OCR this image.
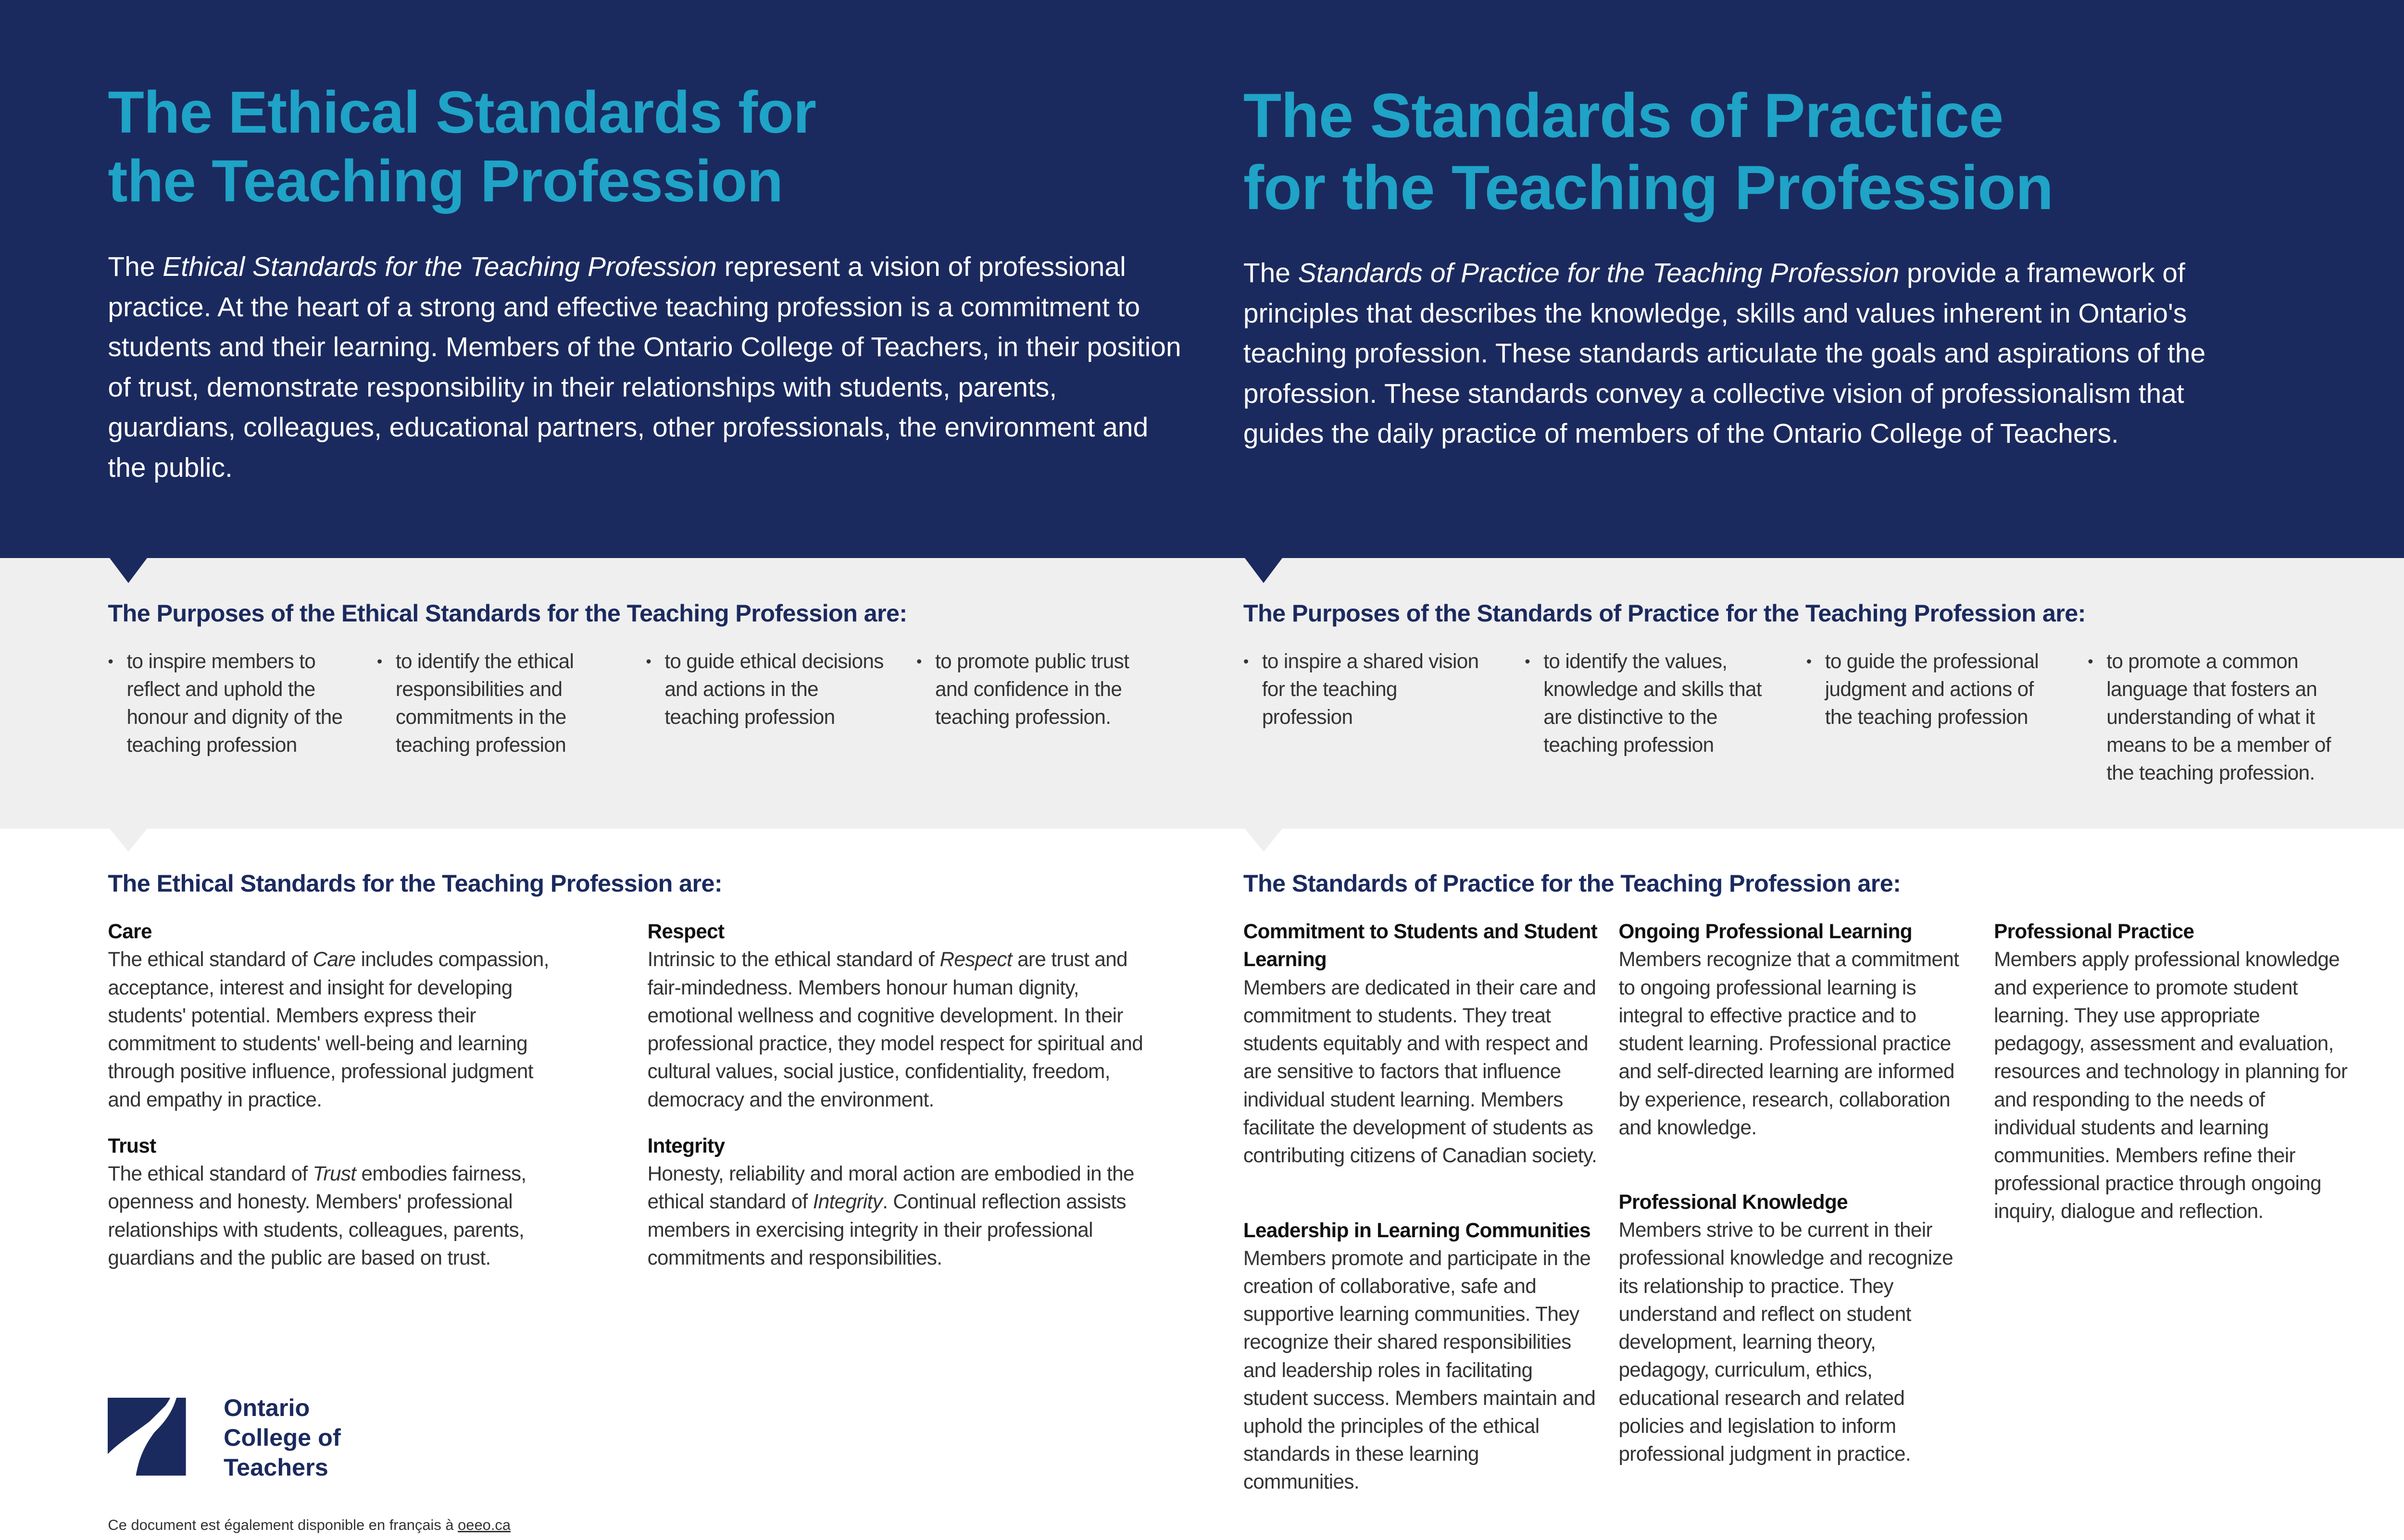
The Ethical Standards for
the Teaching Profession
The Standards of Practice
for the Teaching Profession

The Ethical Standards for the Teaching Profession represent a vision of professional practice. At the heart of a strong and effective teaching profession is a commitment to students and their learning. Members of the Ontario College of Teachers, in their position of trust, demonstrate responsibility in their relationships with students, parents, guardians, colleagues, educational partners, other professionals, the environment and the public.

The Standards of Practice for the Teaching Profession provide a framework of principles that describes the knowledge, skills and values inherent in Ontario's teaching profession. These standards articulate the goals and aspirations of the profession. These standards convey a collective vision of professionalism that guides the daily practice of members of the Ontario College of Teachers.

The Purposes of the Ethical Standards for the Teaching Profession are:	The Purposes of the Standards of Practice for the Teaching Profession are:

• to inspire members to reflect and uphold the honour and dignity of the teaching profession

• to identify the ethical responsibilities and commitments in the teaching profession

• to guide ethical decisions and actions in the teaching profession

• to promote public trust and confidence in the teaching profession.

• to inspire a shared vision for the teaching profession

• to identify the values, knowledge and skills that are distinctive to the teaching profession

• to guide the professional judgment and actions of the teaching profession

• to promote a common language that fosters an understanding of what it means to be a member of the teaching profession.

The Ethical Standards for the Teaching Profession are:	The Standards of Practice for the Teaching Profession are:
Care
The ethical standard of Care includes compassion, acceptance, interest and insight for developing students' potential. Members express their commitment to students' well-being and learning through positive influence, professional judgment and empathy in practice.
Respect
Intrinsic to the ethical standard of Respect are trust and fair-mindedness. Members honour human dignity, emotional wellness and cognitive development. In their professional practice, they model respect for spiritual and cultural values, social justice, confidentiality, freedom, democracy and the environment.
Trust
The ethical standard of Trust embodies fairness, openness and honesty. Members' professional relationships with students, colleagues, parents, guardians and the public are based on trust.
Integrity
Honesty, reliability and moral action are embodied in the ethical standard of Integrity. Continual reflection assists members in exercising integrity in their professional commitments and responsibilities.
Commitment to Students and Student Learning
Members are dedicated in their care and commitment to students. They treat students equitably and with respect and are sensitive to factors that influence individual student learning. Members facilitate the development of students as contributing citizens of Canadian society.
Leadership in Learning Communities
Members promote and participate in the creation of collaborative, safe and supportive learning communities. They recognize their shared responsibilities and leadership roles in facilitating student success. Members maintain and uphold the principles of the ethical standards in these learning communities.
Ongoing Professional Learning
Members recognize that a commitment to ongoing professional learning is integral to effective practice and to student learning. Professional practice and self-directed learning are informed by experience, research, collaboration and knowledge.
Professional Knowledge
Members strive to be current in their professional knowledge and recognize its relationship to practice. They understand and reflect on student development, learning theory, pedagogy, curriculum, ethics, educational research and related policies and legislation to inform professional judgment in practice.
Professional Practice
Members apply professional knowledge and experience to promote student learning. They use appropriate pedagogy, assessment and evaluation, resources and technology in planning for and responding to the needs of individual students and learning communities. Members refine their professional practice through ongoing inquiry, dialogue and reflection.
Ontario
College of
Teachers
Ce document est également disponible en français à oeeo.ca
